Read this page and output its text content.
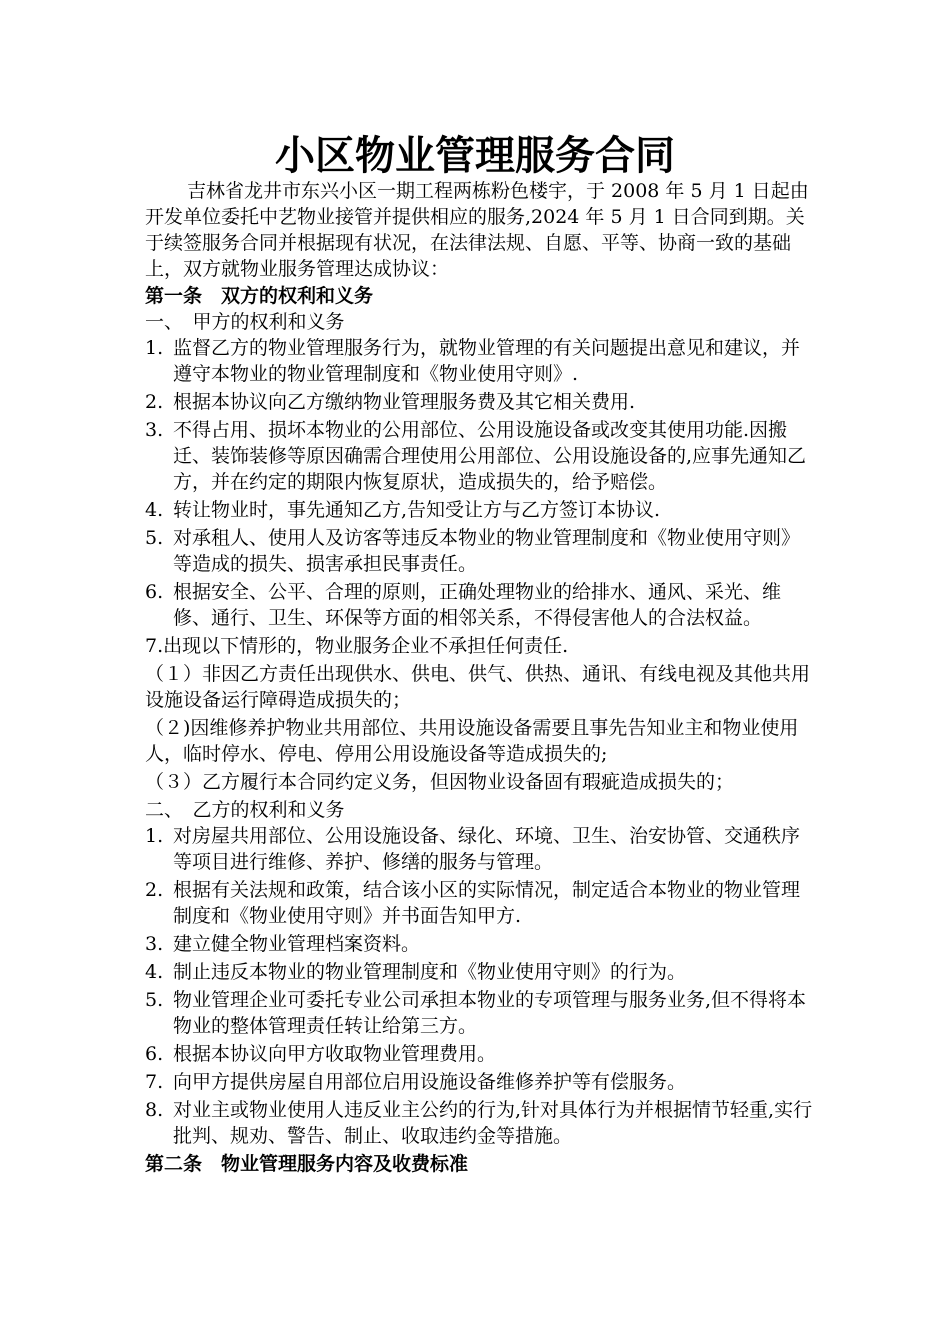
小区物业管理服务合同

吉林省龙井市东兴小区一期工程两栋粉色楼宇，于 2008 年 5 月 1 日起由开发单位委托中艺物业接管并提供相应的服务,2024 年 5 月 1 日合同到期。关于续签服务合同并根据现有状况，在法律法规、自愿、平等、协商一致的基础上，双方就物业服务管理达成协议：

第一条　双方的权利和义务
一、　甲方的权利和义务
1. 监督乙方的物业管理服务行为，就物业管理的有关问题提出意见和建议，并遵守本物业的物业管理制度和《物业使用守则》.
2. 根据本协议向乙方缴纳物业管理服务费及其它相关费用.
3. 不得占用、损坏本物业的公用部位、公用设施设备或改变其使用功能.因搬迁、装饰装修等原因确需合理使用公用部位、公用设施设备的,应事先通知乙方，并在约定的期限内恢复原状，造成损失的，给予赔偿。
4. 转让物业时，事先通知乙方,告知受让方与乙方签订本协议.
5. 对承租人、使用人及访客等违反本物业的物业管理制度和《物业使用守则》等造成的损失、损害承担民事责任。
6. 根据安全、公平、合理的原则，正确处理物业的给排水、通风、采光、维修、通行、卫生、环保等方面的相邻关系，不得侵害他人的合法权益。
7.出现以下情形的，物业服务企业不承担任何责任.
（１）非因乙方责任出现供水、供电、供气、供热、通讯、有线电视及其他共用设施设备运行障碍造成损失的；
（２)因维修养护物业共用部位、共用设施设备需要且事先告知业主和物业使用人，临时停水、停电、停用公用设施设备等造成损失的;
（３）乙方履行本合同约定义务，但因物业设备固有瑕疵造成损失的；
二、　乙方的权利和义务
1. 对房屋共用部位、公用设施设备、绿化、环境、卫生、治安协管、交通秩序等项目进行维修、养护、修缮的服务与管理。
2. 根据有关法规和政策，结合该小区的实际情况，制定适合本物业的物业管理制度和《物业使用守则》并书面告知甲方.
3. 建立健全物业管理档案资料。
4. 制止违反本物业的物业管理制度和《物业使用守则》的行为。
5. 物业管理企业可委托专业公司承担本物业的专项管理与服务业务,但不得将本物业的整体管理责任转让给第三方。
6. 根据本协议向甲方收取物业管理费用。
7. 向甲方提供房屋自用部位启用设施设备维修养护等有偿服务。
8. 对业主或物业使用人违反业主公约的行为,针对具体行为并根据情节轻重,实行批判、规劝、警告、制止、收取违约金等措施。
第二条　物业管理服务内容及收费标准
